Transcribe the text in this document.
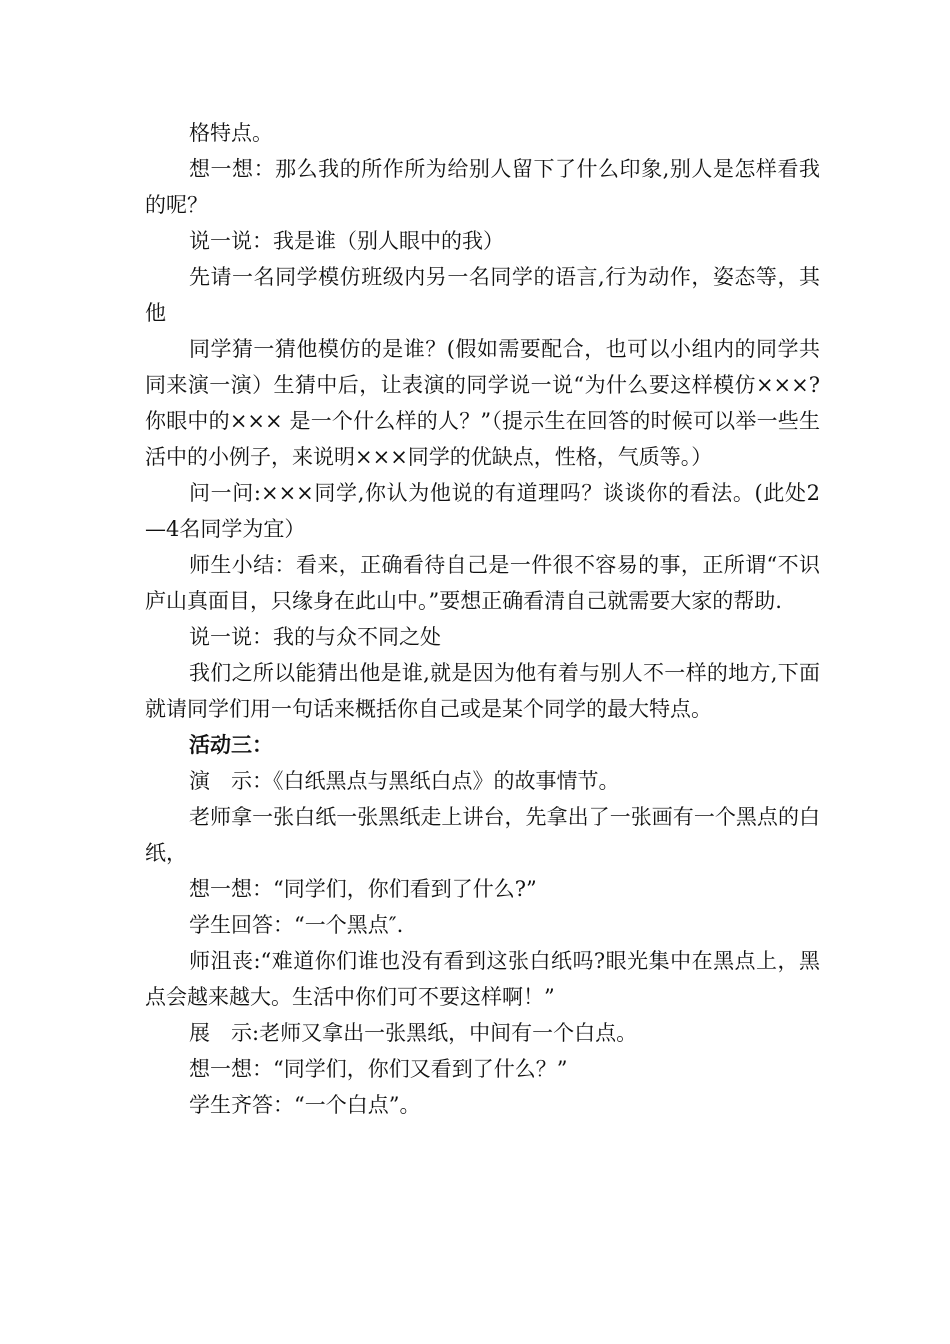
格特点。

想一想：那么我的所作所为给别人留下了什么印象,别人是怎样看我的呢？

说一说：我是谁（别人眼中的我）

先请一名同学模仿班级内另一名同学的语言,行为动作，姿态等，其他

同学猜一猜他模仿的是谁？(假如需要配合，也可以小组内的同学共同来演一演）生猜中后，让表演的同学说一说“为什么要这样模仿×××?你眼中的××× 是一个什么样的人？”（提示生在回答的时候可以举一些生活中的小例子，来说明×××同学的优缺点，性格，气质等。）

问一问:×××同学,你认为他说的有道理吗？谈谈你的看法。(此处2—4名同学为宜）

师生小结：看来，正确看待自己是一件很不容易的事，正所谓“不识庐山真面目，只缘身在此山中。”要想正确看清自己就需要大家的帮助.

说一说：我的与众不同之处

我们之所以能猜出他是谁,就是因为他有着与别人不一样的地方,下面就请同学们用一句话来概括你自己或是某个同学的最大特点。

活动三：

演　示：《白纸黑点与黑纸白点》的故事情节。

老师拿一张白纸一张黑纸走上讲台，先拿出了一张画有一个黑点的白纸，

想一想：“同学们，你们看到了什么?”

学生回答：“一个黑点″.

师沮丧:“难道你们谁也没有看到这张白纸吗?眼光集中在黑点上，黑点会越来越大。生活中你们可不要这样啊！”

展　示:老师又拿出一张黑纸，中间有一个白点。

想一想：“同学们，你们又看到了什么？”

学生齐答：“一个白点”。
